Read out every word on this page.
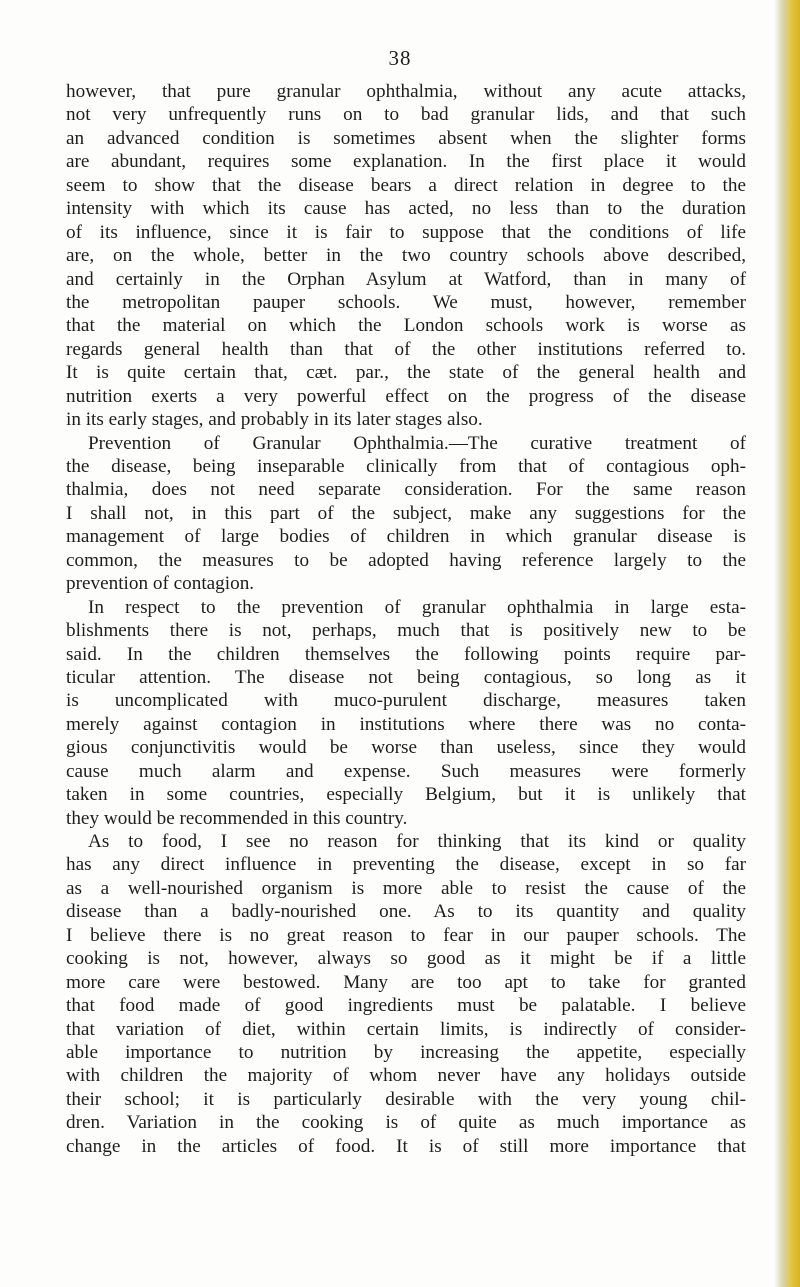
38
however, that pure granular ophthalmia, without any acute attacks,
not very unfrequently runs on to bad granular lids, and that such
an advanced condition is sometimes absent when the slighter forms
are abundant, requires some explanation. In the first place it would
seem to show that the disease bears a direct relation in degree to the
intensity with which its cause has acted, no less than to the duration
of its influence, since it is fair to suppose that the conditions of life
are, on the whole, better in the two country schools above described,
and certainly in the Orphan Asylum at Watford, than in many of
the metropolitan pauper schools. We must, however, remember
that the material on which the London schools work is worse as
regards general health than that of the other institutions referred to.
It is quite certain that, cæt. par., the state of the general health and
nutrition exerts a very powerful effect on the progress of the disease
in its early stages, and probably in its later stages also.
Prevention of Granular Ophthalmia.—The curative treatment of
the disease, being inseparable clinically from that of contagious oph-
thalmia, does not need separate consideration. For the same reason
I shall not, in this part of the subject, make any suggestions for the
management of large bodies of children in which granular disease is
common, the measures to be adopted having reference largely to the
prevention of contagion.
In respect to the prevention of granular ophthalmia in large esta-
blishments there is not, perhaps, much that is positively new to be
said. In the children themselves the following points require par-
ticular attention. The disease not being contagious, so long as it
is uncomplicated with muco-purulent discharge, measures taken
merely against contagion in institutions where there was no conta-
gious conjunctivitis would be worse than useless, since they would
cause much alarm and expense. Such measures were formerly
taken in some countries, especially Belgium, but it is unlikely that
they would be recommended in this country.
As to food, I see no reason for thinking that its kind or quality
has any direct influence in preventing the disease, except in so far
as a well-nourished organism is more able to resist the cause of the
disease than a badly-nourished one. As to its quantity and quality
I believe there is no great reason to fear in our pauper schools. The
cooking is not, however, always so good as it might be if a little
more care were bestowed. Many are too apt to take for granted
that food made of good ingredients must be palatable. I believe
that variation of diet, within certain limits, is indirectly of consider-
able importance to nutrition by increasing the appetite, especially
with children the majority of whom never have any holidays outside
their school; it is particularly desirable with the very young chil-
dren. Variation in the cooking is of quite as much importance as
change in the articles of food. It is of still more importance that
